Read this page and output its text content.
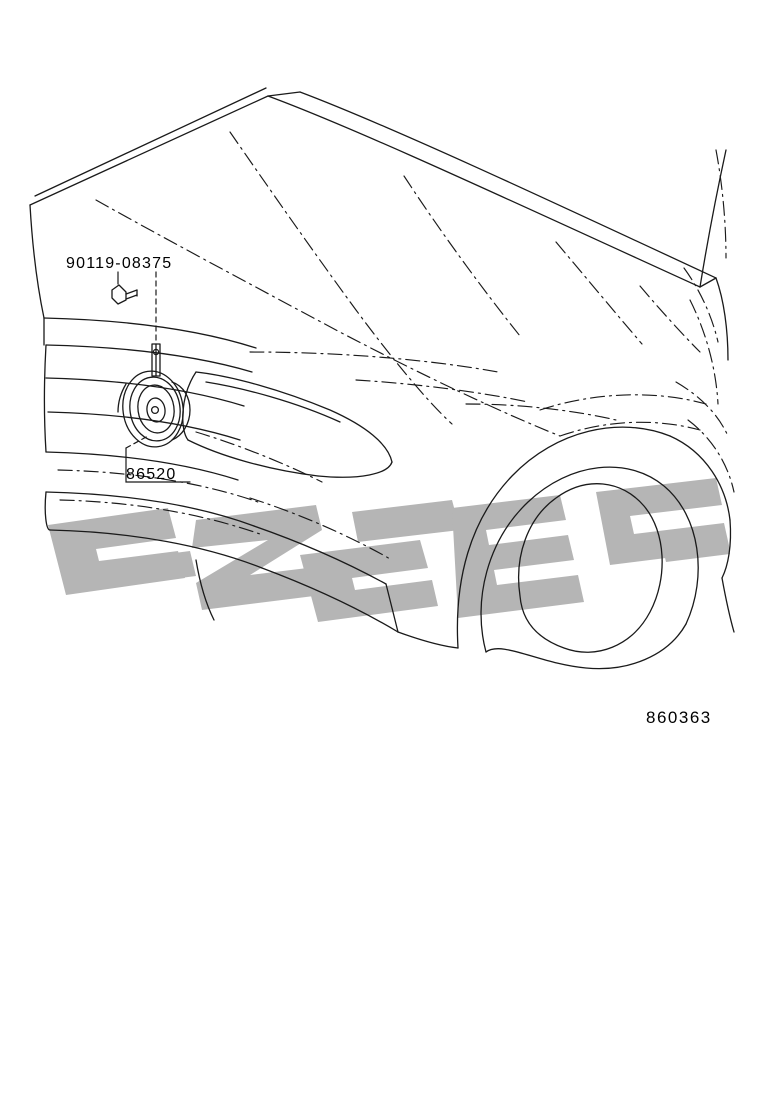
90119-08375
86520
860363
